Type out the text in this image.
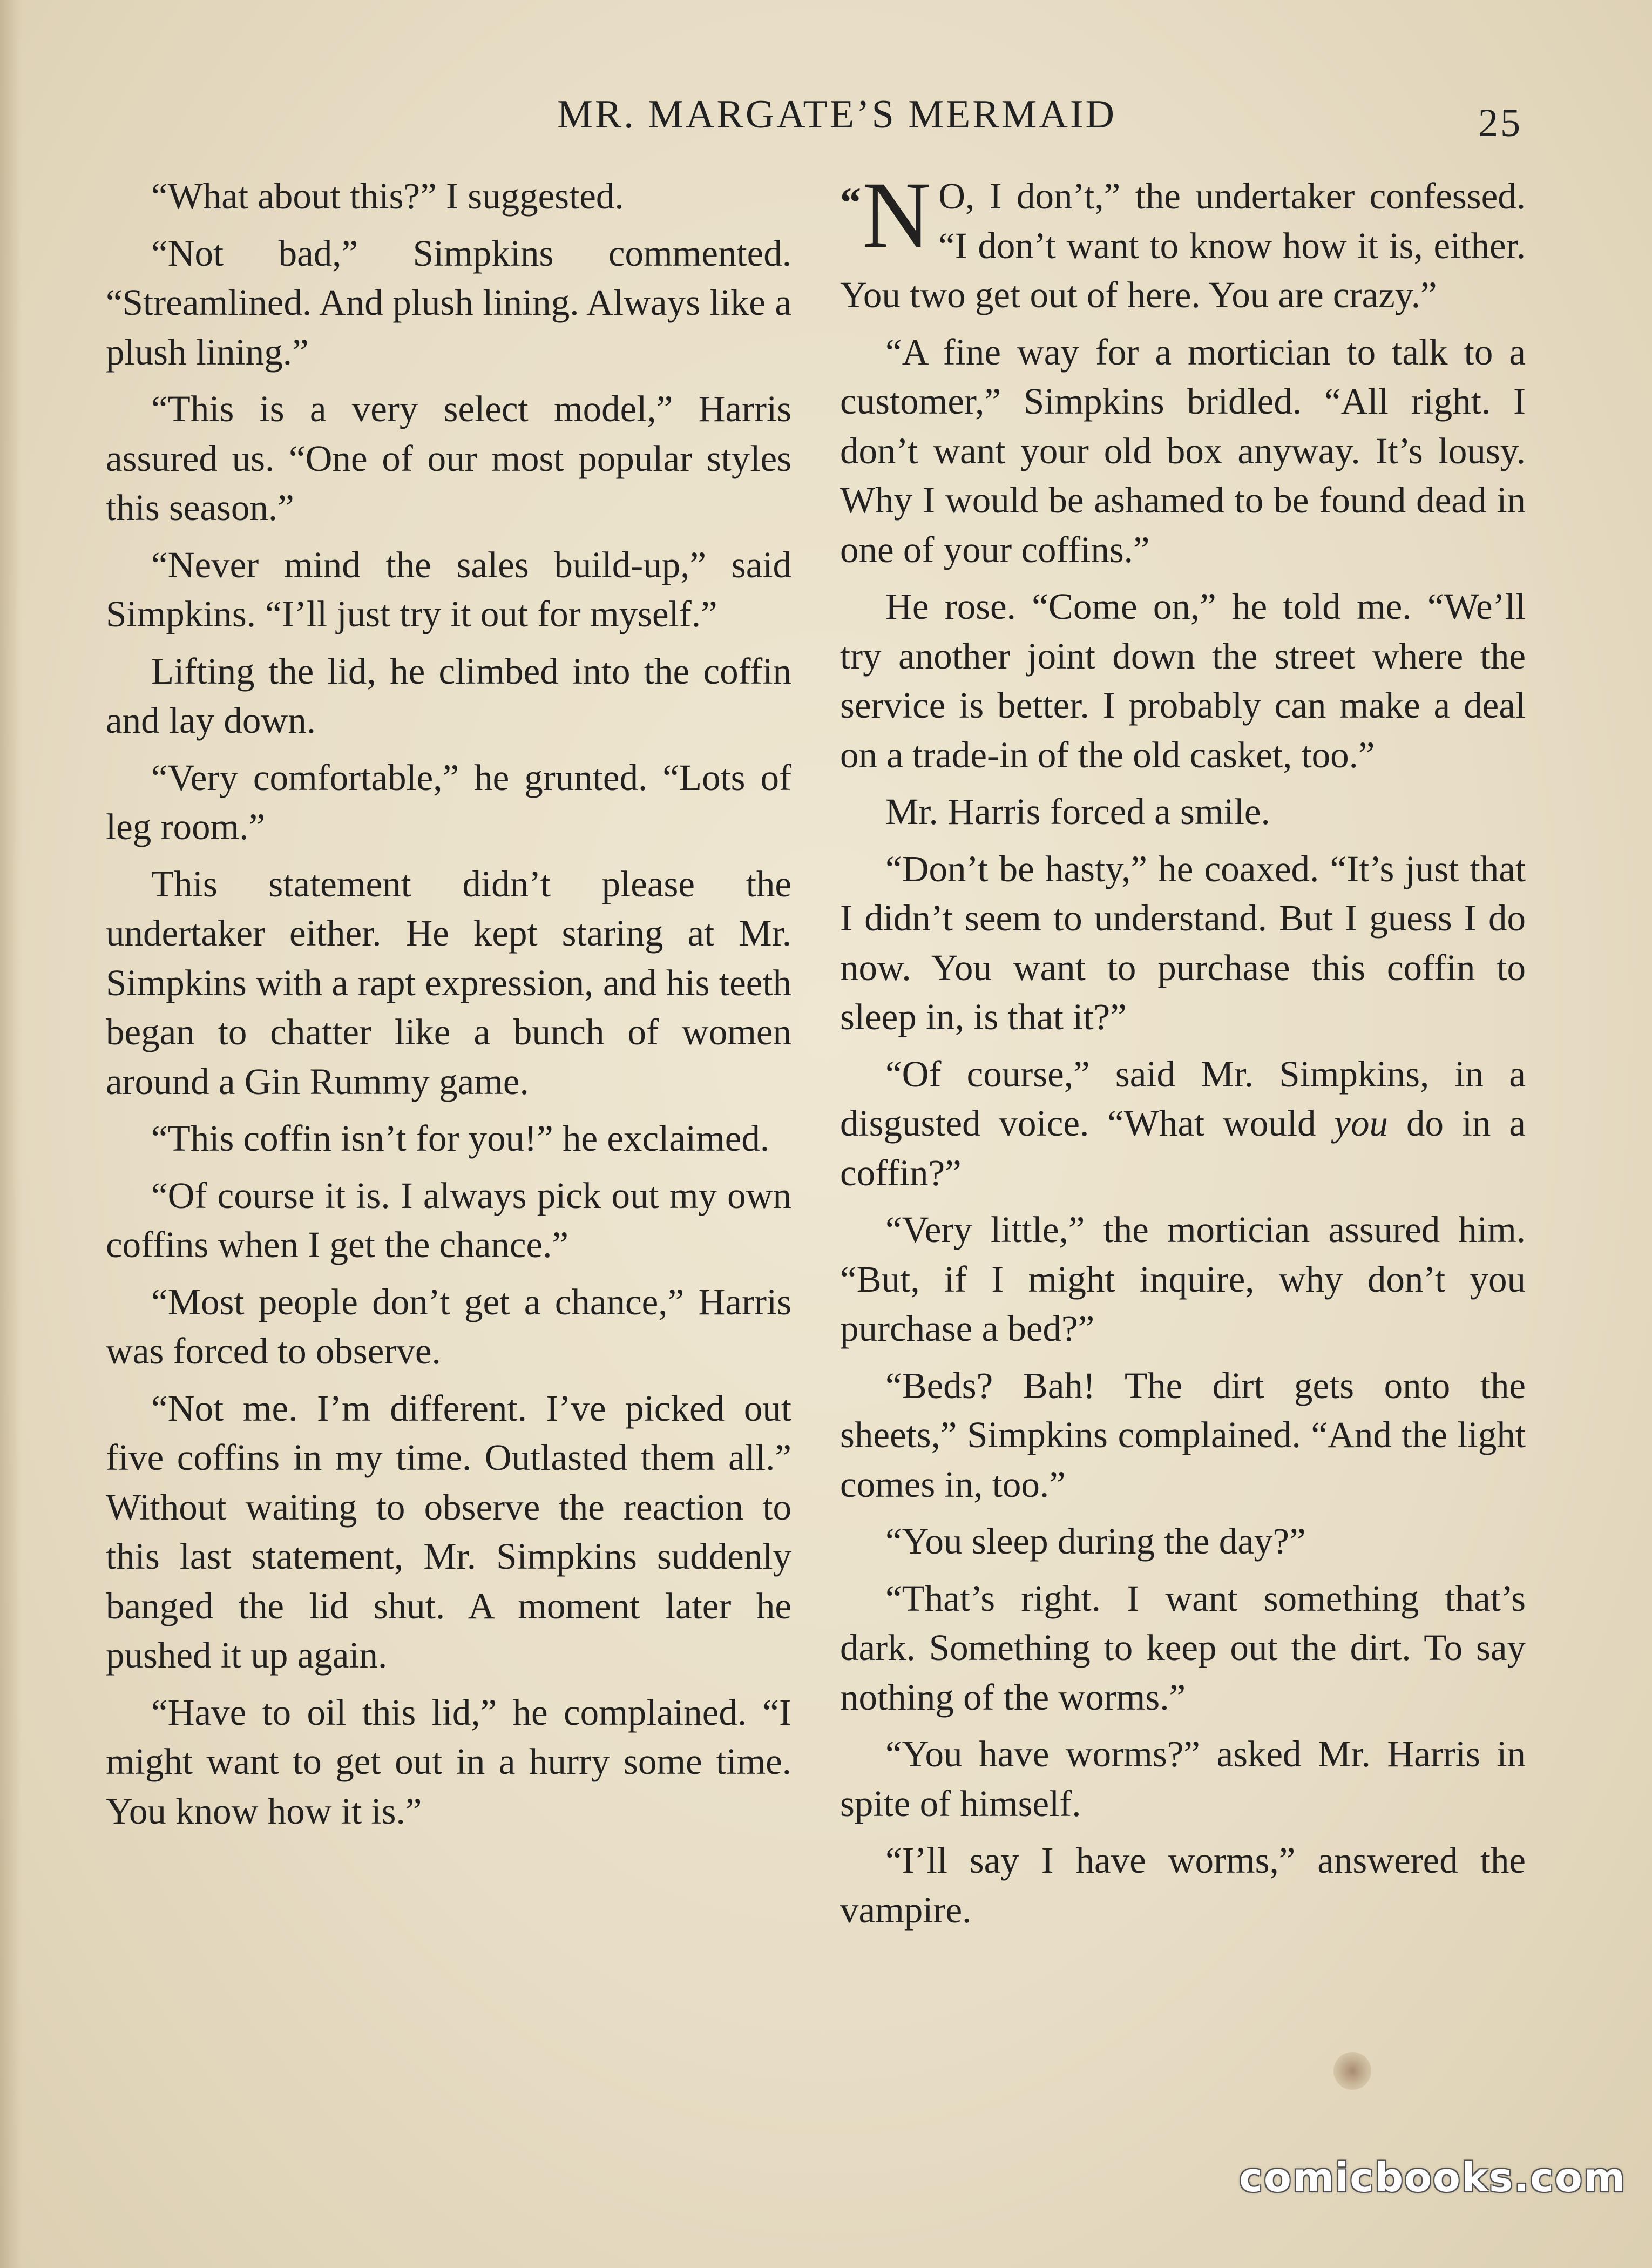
MR. MARGATE’S MERMAID	25

“What about this?” I suggested.

“Not bad,” Simpkins commented. “Streamlined. And plush lining. Always like a plush lining.”

“This is a very select model,” Harris assured us. “One of our most popular styles this season.”

“Never mind the sales build-up,” said Simpkins. “I’ll just try it out for myself.”

Lifting the lid, he climbed into the coffin and lay down.

“Very comfortable,” he grunted. “Lots of leg room.”

This statement didn’t please the undertaker either. He kept staring at Mr. Simpkins with a rapt expression, and his teeth began to chatter like a bunch of women around a Gin Rummy game.

“This coffin isn’t for you!” he exclaimed.

“Of course it is. I always pick out my own coffins when I get the chance.”

“Most people don’t get a chance,” Harris was forced to observe.

“Not me. I’m different. I’ve picked out five coffins in my time. Outlasted them all.” Without waiting to observe the reaction to this last statement, Mr. Simpkins suddenly banged the lid shut. A moment later he pushed it up again.

“Have to oil this lid,” he complained. “I might want to get out in a hurry some time. You know how it is.”

“ N O, I don’t,” the undertaker confessed. “I don’t want to know how it is, either. You two get out of here. You are crazy.”

“A fine way for a mortician to talk to a customer,” Simpkins bridled. “All right. I don’t want your old box anyway. It’s lousy. Why I would be ashamed to be found dead in one of your coffins.”

He rose. “Come on,” he told me. “We’ll try another joint down the street where the service is better. I probably can make a deal on a trade-in of the old casket, too.”

Mr. Harris forced a smile.

“Don’t be hasty,” he coaxed. “It’s just that I didn’t seem to understand. But I guess I do now. You want to purchase this coffin to sleep in, is that it?”

“Of course,” said Mr. Simpkins, in a disgusted voice. “What would you do in a coffin?”

“Very little,” the mortician assured him. “But, if I might inquire, why don’t you purchase a bed?”

“Beds? Bah! The dirt gets onto the sheets,” Simpkins complained. “And the light comes in, too.”

“You sleep during the day?”

“That’s right. I want something that’s dark. Something to keep out the dirt. To say nothing of the worms.”

“You have worms?” asked Mr. Harris in spite of himself.

“I’ll say I have worms,” answered the vampire.

comicbooks.com
